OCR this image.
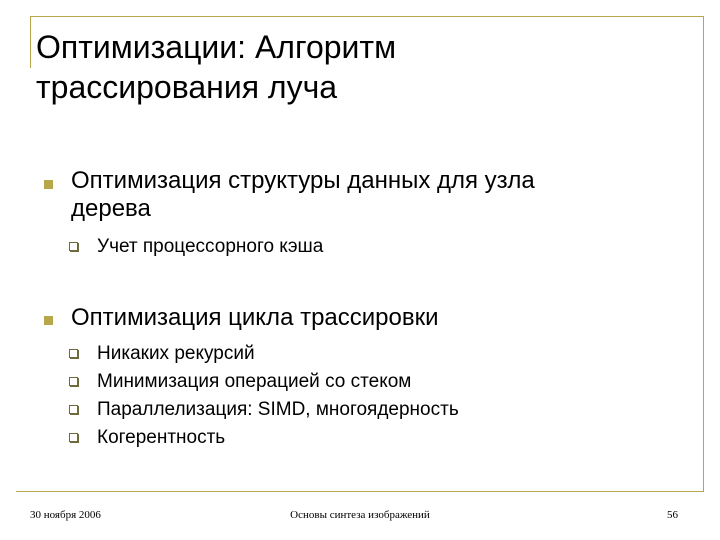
Оптимизации: Алгоритм
трассирования луча
Оптимизация структуры данных для узла
дерева
Учет процессорного кэша
Оптимизация цикла трассировки
Никаких рекурсий
Минимизация операцией со стеком
Параллелизация: SIMD, многоядерность
Когерентность
30 ноября 2006	Основы синтеза изображений	56
